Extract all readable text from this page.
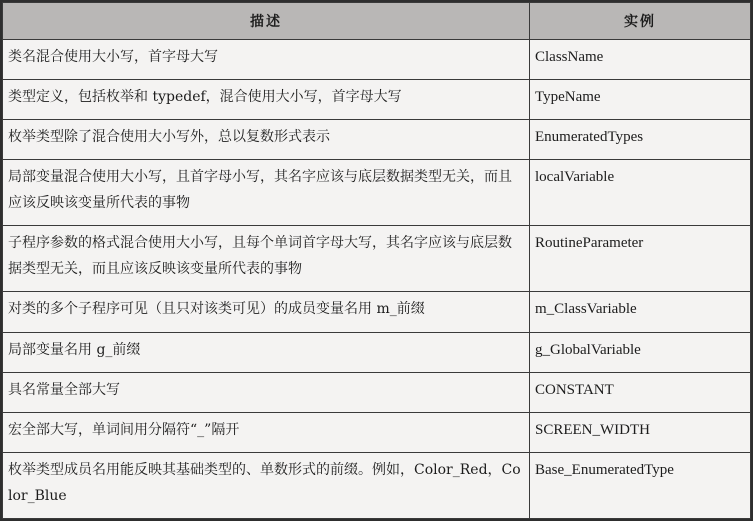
描述	实例
类名混合使用大小写，首字母大写	ClassName
类型定义，包括枚举和 typedef，混合使用大小写，首字母大写	TypeName
枚举类型除了混合使用大小写外，总以复数形式表示	EnumeratedTypes
局部变量混合使用大小写，且首字母小写，其名字应该与底层数据类型无关，而且应该反映该变量所代表的事物	localVariable
子程序参数的格式混合使用大小写，且每个单词首字母大写，其名字应该与底层数据类型无关，而且应该反映该变量所代表的事物	RoutineParameter
对类的多个子程序可见（且只对该类可见）的成员变量名用 m_前缀	m_ClassVariable
局部变量名用 g_前缀	g_GlobalVariable
具名常量全部大写	CONSTANT
宏全部大写，单词间用分隔符“_”隔开	SCREEN_WIDTH
枚举类型成员名用能反映其基础类型的、单数形式的前缀。例如，Color_Red，Color_Blue	Base_EnumeratedType
